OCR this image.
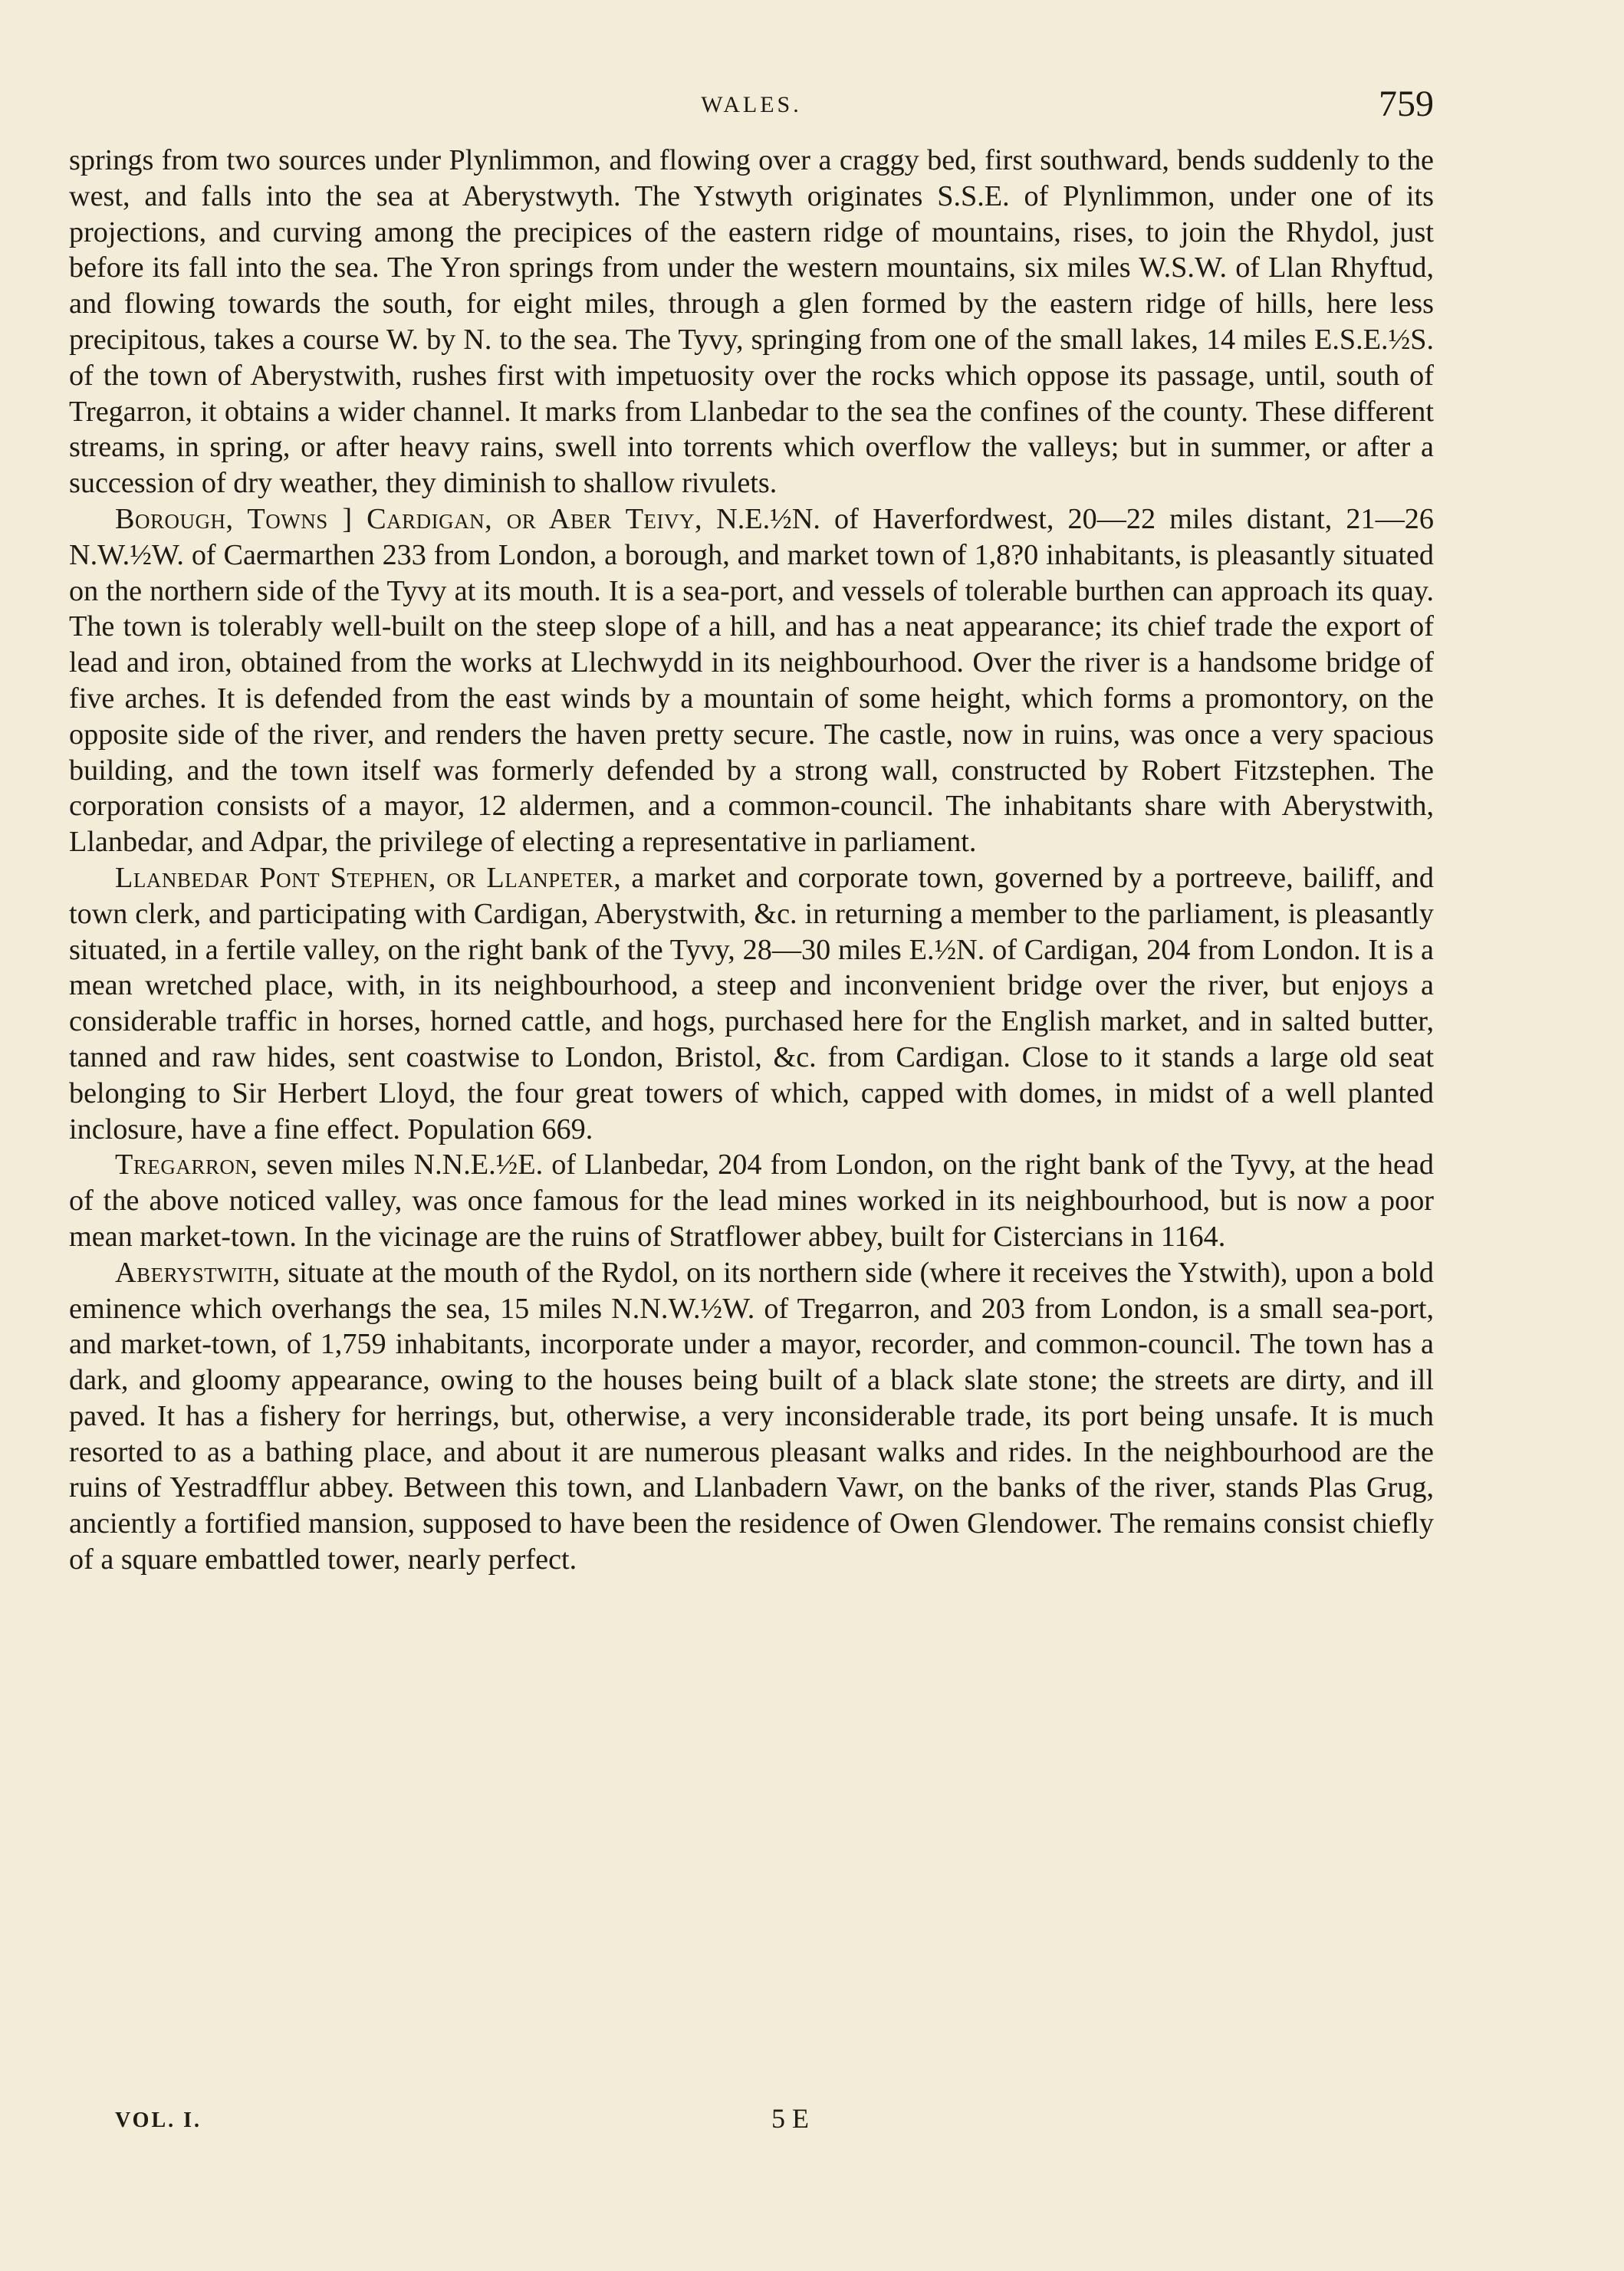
WALES.	759

springs from two sources under Plynlimmon, and flowing over a craggy bed, first southward, bends suddenly to the west, and falls into the sea at Aberystwyth. The Ystwyth originates S.S.E. of Plynlimmon, under one of its projections, and curving among the precipices of the eastern ridge of mountains, rises, to join the Rhydol, just before its fall into the sea. The Yron springs from under the western mountains, six miles W.S.W. of Llan Rhyftud, and flowing towards the south, for eight miles, through a glen formed by the eastern ridge of hills, here less precipitous, takes a course W. by N. to the sea. The Tyvy, springing from one of the small lakes, 14 miles E.S.E.½S. of the town of Aberystwith, rushes first with impetuosity over the rocks which oppose its passage, until, south of Tregarron, it obtains a wider channel. It marks from Llanbedar to the sea the confines of the county. These different streams, in spring, or after heavy rains, swell into torrents which overflow the valleys; but in summer, or after a succession of dry weather, they diminish to shallow rivulets.

Borough, Towns ] Cardigan, or Aber Teivy, N.E.½N. of Haverfordwest, 20—22 miles distant, 21—26 N.W.½W. of Caermarthen 233 from London, a borough, and market town of 1,8?0 inhabitants, is pleasantly situated on the northern side of the Tyvy at its mouth. It is a sea-port, and vessels of tolerable burthen can approach its quay. The town is tolerably well-built on the steep slope of a hill, and has a neat appearance; its chief trade the export of lead and iron, obtained from the works at Llechwydd in its neighbourhood. Over the river is a handsome bridge of five arches. It is defended from the east winds by a mountain of some height, which forms a promontory, on the opposite side of the river, and renders the haven pretty secure. The castle, now in ruins, was once a very spacious building, and the town itself was formerly defended by a strong wall, constructed by Robert Fitzstephen. The corporation consists of a mayor, 12 aldermen, and a common-council. The inhabitants share with Aberystwith, Llanbedar, and Adpar, the privilege of electing a representative in parliament.

Llanbedar Pont Stephen, or Llanpeter, a market and corporate town, governed by a portreeve, bailiff, and town clerk, and participating with Cardigan, Aberystwith, &c. in returning a member to the parliament, is pleasantly situated, in a fertile valley, on the right bank of the Tyvy, 28—30 miles E.½N. of Cardigan, 204 from London. It is a mean wretched place, with, in its neighbourhood, a steep and inconvenient bridge over the river, but enjoys a considerable traffic in horses, horned cattle, and hogs, purchased here for the English market, and in salted butter, tanned and raw hides, sent coastwise to London, Bristol, &c. from Cardigan. Close to it stands a large old seat belonging to Sir Herbert Lloyd, the four great towers of which, capped with domes, in midst of a well planted inclosure, have a fine effect. Population 669.

Tregarron, seven miles N.N.E.½E. of Llanbedar, 204 from London, on the right bank of the Tyvy, at the head of the above noticed valley, was once famous for the lead mines worked in its neighbourhood, but is now a poor mean market-town. In the vicinage are the ruins of Stratflower abbey, built for Cistercians in 1164.

Aberystwith, situate at the mouth of the Rydol, on its northern side (where it receives the Ystwith), upon a bold eminence which overhangs the sea, 15 miles N.N.W.½W. of Tregarron, and 203 from London, is a small sea-port, and market-town, of 1,759 inhabitants, incorporate under a mayor, recorder, and common-council. The town has a dark, and gloomy appearance, owing to the houses being built of a black slate stone; the streets are dirty, and ill paved. It has a fishery for herrings, but, otherwise, a very inconsiderable trade, its port being unsafe. It is much resorted to as a bathing place, and about it are numerous pleasant walks and rides. In the neighbourhood are the ruins of Yestradfflur abbey. Between this town, and Llanbadern Vawr, on the banks of the river, stands Plas Grug, anciently a fortified mansion, supposed to have been the residence of Owen Glendower. The remains consist chiefly of a square embattled tower, nearly perfect.

VOL. I.	5 E
